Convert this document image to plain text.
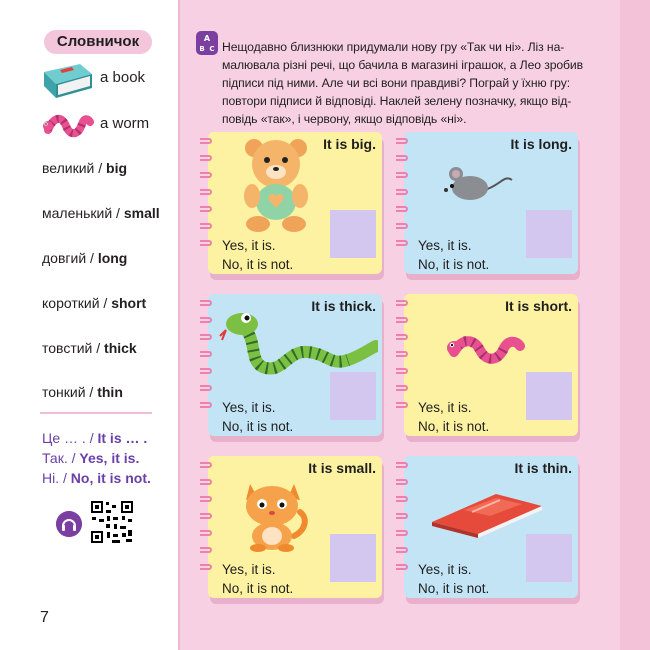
Словничок
a book
a worm
великий / big
маленький / small
довгий / long
короткий / short
товстий / thick
тонкий / thin
Це … . / It is … .
Так. / Yes, it is.
Ні. / No, it is not.
7
A
B C Нещодавно близнюки придумали нову гру «Так чи ні». Ліз на-
малювала різні речі, що бачила в магазині іграшок, а Лео зробив
підписи під ними. Але чи всі вони правдиві? Пограй у їхню гру:
повтори підписи й відповіді. Наклей зелену позначку, якщо від-
повідь «так», і червону, якщо відповідь «ні».
It is big.
Yes, it is.
No, it is not.
It is long.
Yes, it is.
No, it is not.
It is thick.
Yes, it is.
No, it is not.
It is short.
Yes, it is.
No, it is not.
It is small.
Yes, it is.
No, it is not.
It is thin.
Yes, it is.
No, it is not.
